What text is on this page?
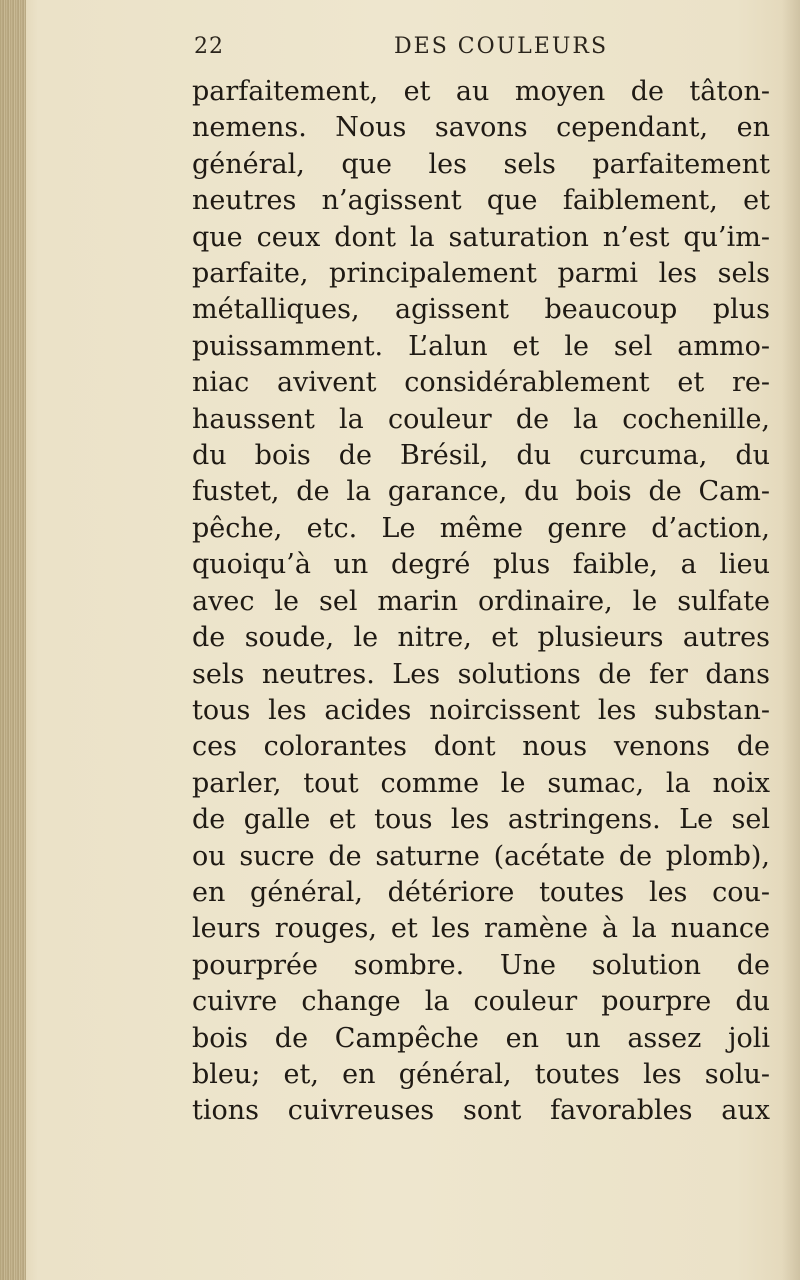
22	DES COULEURS
parfaitement, et au moyen de tâton-
nemens. Nous savons cependant, en
général, que les sels parfaitement
neutres n’agissent que faiblement, et
que ceux dont la saturation n’est qu’im-
parfaite, principalement parmi les sels
métalliques, agissent beaucoup plus
puissamment. L’alun et le sel ammo-
niac avivent considérablement et re-
haussent la couleur de la cochenille,
du bois de Brésil, du curcuma, du
fustet, de la garance, du bois de Cam-
pêche, etc. Le même genre d’action,
quoiqu’à un degré plus faible, a lieu
avec le sel marin ordinaire, le sulfate
de soude, le nitre, et plusieurs autres
sels neutres. Les solutions de fer dans
tous les acides noircissent les substan-
ces colorantes dont nous venons de
parler, tout comme le sumac, la noix
de galle et tous les astringens. Le sel
ou sucre de saturne (acétate de plomb),
en général, détériore toutes les cou-
leurs rouges, et les ramène à la nuance
pourprée sombre. Une solution de
cuivre change la couleur pourpre du
bois de Campêche en un assez joli
bleu; et, en général, toutes les solu-
tions cuivreuses sont favorables aux
